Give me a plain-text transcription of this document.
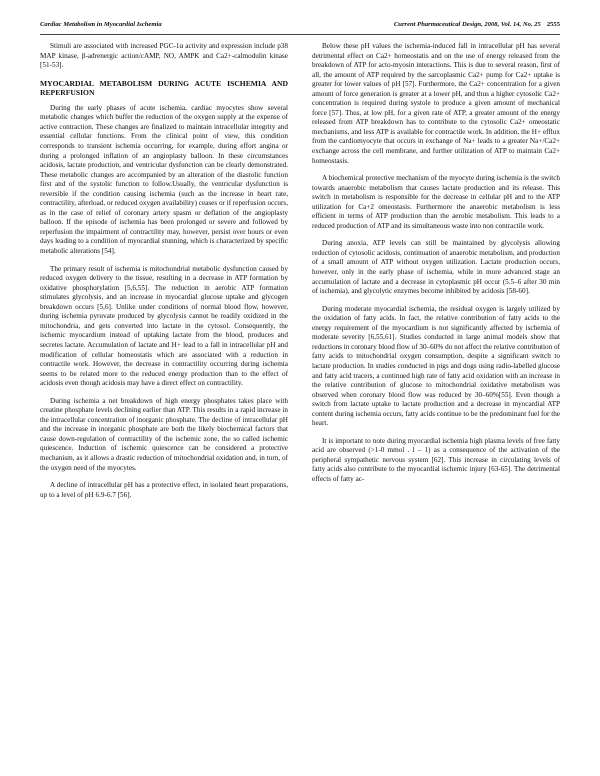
Cardiac Metabolism in Myocardial Ischemia	Current Pharmaceutical Design, 2008, Vol. 14, No. 25 2555

Stimuli are associated with increased PGC-1α activity and expression include p38 MAP kinase, β-adrenergic action/cAMP, NO, AMPK and Ca2+-calmodulin kinase [51-53].

MYOCARDIAL METABOLISM DURING ACUTE ISCHEMIA AND REPERFUSION

During the early phases of acute ischemia, cardiac myocytes show several metabolic changes which buffer the reduction of the oxygen supply at the expense of active contraction. These changes are finalized to maintain intracellular integrity and essential cellular functions. From the clinical point of view, this condition corresponds to transient ischemia occurring, for example, during effort angina or during a prolonged inflation of an angioplasty balloon. In these circumstances acidosis, lactate production, and ventricular dysfunction can be clearly demonstrated. These metabolic changes are accompanied by an alteration of the diastolic function first and of the systolic function to follow.Usually, the ventricular dysfunction is reversible if the condition causing ischemia (such as the increase in heart rate, contractility, afterload, or reduced oxygen availability) ceases or if reperfusion occurs, as in the case of relief of coronary artery spasm or deflation of the angioplasty balloon. If the episode of ischemia has been prolonged or severe and followed by reperfusion the impairment of contractility may, however, persist over hours or even days leading to a condition of myocardial stunning, which is characterized by specific metabolic alterations [54].

The primary result of ischemia is mitochondrial metabolic dysfunction caused by reduced oxygen delivery to the tissue, resulting in a decrease in ATP formation by oxidative phosphorylation [5,6,55]. The reduction in aerobic ATP formation stimulates glycolysis, and an increase in myocardial glucose uptake and glycogen breakdown occurs [5,6]. Unlike under conditions of normal blood flow, however, during ischemia pyruvate produced by glycolysis cannot be readily oxidized in the mitochondria, and gets converted into lactate in the cytosol. Consequently, the ischemic myocardium instead of uptaking lactate from the blood, produces and secretes lactate. Accumulation of lactate and H+ lead to a fall in intracellular pH and modification of cellular homeostatis which are associated with a reduction in contractile work. However, the decrease in contractility occurring during ischemia seems to be related more to the reduced energy production than to the effect of acidosis even though acidosis may have a direct effect on contractility.

During ischemia a net breakdown of high energy phosphates takes place with creatine phosphate levels declining earlier than ATP. This results in a rapid increase in the intracellular concentration of inorganic phosphate. The decline of intracellular pH and the increase in inorganic phosphate are both the likely biochemical factors that cause down-regulation of contractility of the ischemic zone, the so called ischemic quiescence. Induction of ischemic quiescence can be considered a protective mechanism, as it allows a drastic reduction of mitochondrial oxidation and, in turn, of the oxygen need of the myocytes.

A decline of intracellular pH has a protective effect, in isolated heart preparations, up to a level of pH 6.9-6.7 [56].

Below these pH values the ischemia-induced fall in intracellular pH has several detrimental effect on Ca2+ homeostatis and on the use of energy released from the breakdown of ATP for acto-myosin interactions. This is due to several reason, first of all, the amount of ATP required by the sarcoplasmic Ca2+ pump for Ca2+ uptake is greater for lower values of pH [57]. Furthermore, the Ca2+ concentration for a given amount of force generation is greater at a lower pH, and thus a higher cytosolic Ca2+ concentration is required during systole to produce a given amount of mechanical force [57]. Thus, at low pH, for a given rate of ATP, a greater amount of the energy released from ATP breakdown has to contribute to the cytosolic Ca2+ omeostatic mechanisms, and less ATP is available for contractile work. In addition, the H+ efflux from the cardiomyocyte that occurs in exchange of Na+ leads to a greater Na+/Ca2+ exchange across the cell membrane, and further utilization of ATP to maintain Ca2+ homeostasis.

A biochemical protective mechanism of the myocyte during ischemia is the switch towards anaerobic metabolism that causes lactate production and its release. This switch in metabolism is responsible for the decrease in cellular pH and to the ATP utilization for Ca+2 omeostasis. Furthermore the anaerobic metabolism is less efficient in terms of ATP production than the aerobic metabolism. This leads to a reduced production of ATP and its simultaneous waste into non contractile work.

During anoxia, ATP levels can still be maintained by glycolysis allowing reduction of cytosolic acidosis, continuation of anaerobic metabolism, and production of a small amount of ATP without oxygen utilization. Lactate production occurs, however, only in the early phase of ischemia, while in more advanced stage an accumulation of lactate and a decrease in cytoplasmic pH occur (5.5–6 after 30 min of ischemia), and glycolytic enzymes become inhibited by acidosis [58-60].

During moderate myocardial ischemia, the residual oxygen is largely utilized by the oxidation of fatty acids. In fact, the relative contribution of fatty acids to the energy requirement of the myocardium is not significantly affected by ischemia of moderate severity [6,55,61]. Studies conducted in large animal models show that reductions in coronary blood flow of 30–60% do not affect the relative contribution of fatty acids to mitochondrial oxygen consumption, despite a significant switch to lactate production. In studies conducted in pigs and dogs using radio-labelled glucose and fatty acid tracers, a continued high rate of fatty acid oxidation with an increase in the relative contribution of glucose to mitochondrial oxidative metabolism was observed when coronary blood flow was reduced by 30–60%[55]. Even though a switch from lactate uptake to lactate production and a decrease in myocardial ATP content during ischemia occurs, fatty acids continue to be the predominant fuel for the heart.

It is important to note during myocardial ischemia high plasma levels of free fatty acid are observed (>1-0 mmol . l – 1) as a consequence of the activation of the peripheral sympathetic nervous system [62]. This increase in circulating levels of fatty acids also contribute to the myocardial ischemic injury [63-65]. The detrimental effects of fatty ac-
